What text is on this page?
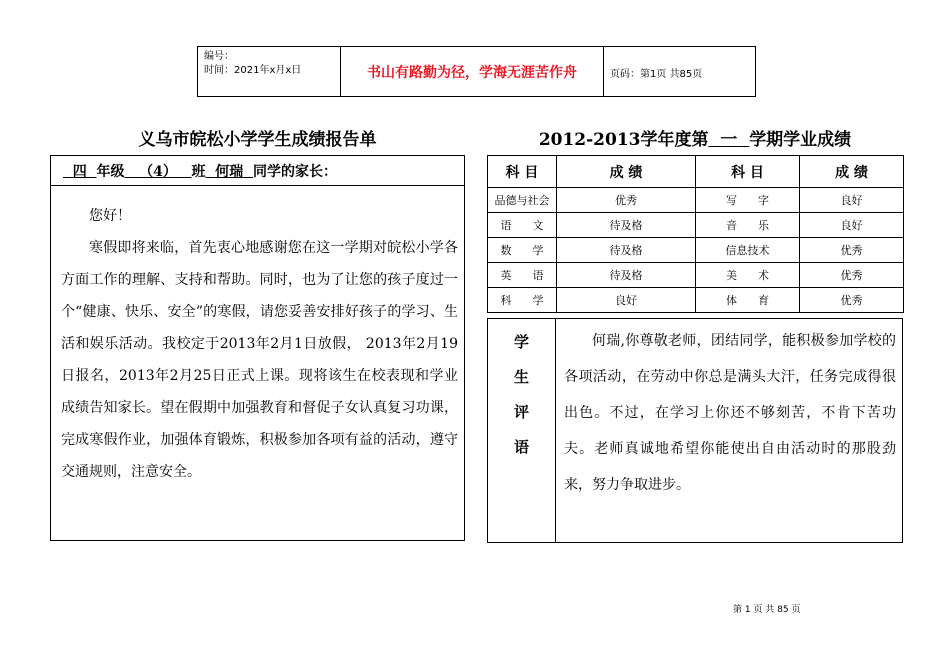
编号：
时间：2021年x月x日	书山有路勤为径，学海无涯苦作舟	页码：第1页 共85页
义乌市皖松小学学生成绩报告单	2012-2013学年度第 一 学期学业成绩
四 年级 （4） 班 何瑞 同学的家长：

您好！

寒假即将来临，首先衷心地感谢您在这一学期对皖松小学各方面工作的理解、支持和帮助。同时，也为了让您的孩子度过一个“健康、快乐、安全”的寒假，请您妥善安排好孩子的学习、生活和娱乐活动。我校定于2013年2月1日放假， 2013年2月19日报名，2013年2月25日正式上课。现将该生在校表现和学业成绩告知家长。望在假期中加强教育和督促子女认真复习功课，完成寒假作业，加强体育锻炼，积极参加各项有益的活动，遵守交通规则，注意安全。

科 目	成 绩	科 目	成 绩
品德与社会	优秀	写      字	良好
语      文	待及格	音      乐	良好
数      学	待及格	信息技术	优秀
英      语	待及格	美      术	优秀
科      学	良好	体      育	优秀
学
生
评
语

何瑞,你尊敬老师，团结同学，能积极参加学校的各项活动，在劳动中你总是满头大汗，任务完成得很出色。不过，在学习上你还不够刻苦，不肯下苦功夫。老师真诚地希望你能使出自由活动时的那股劲来，努力争取进步。

第 1 页 共 85 页
